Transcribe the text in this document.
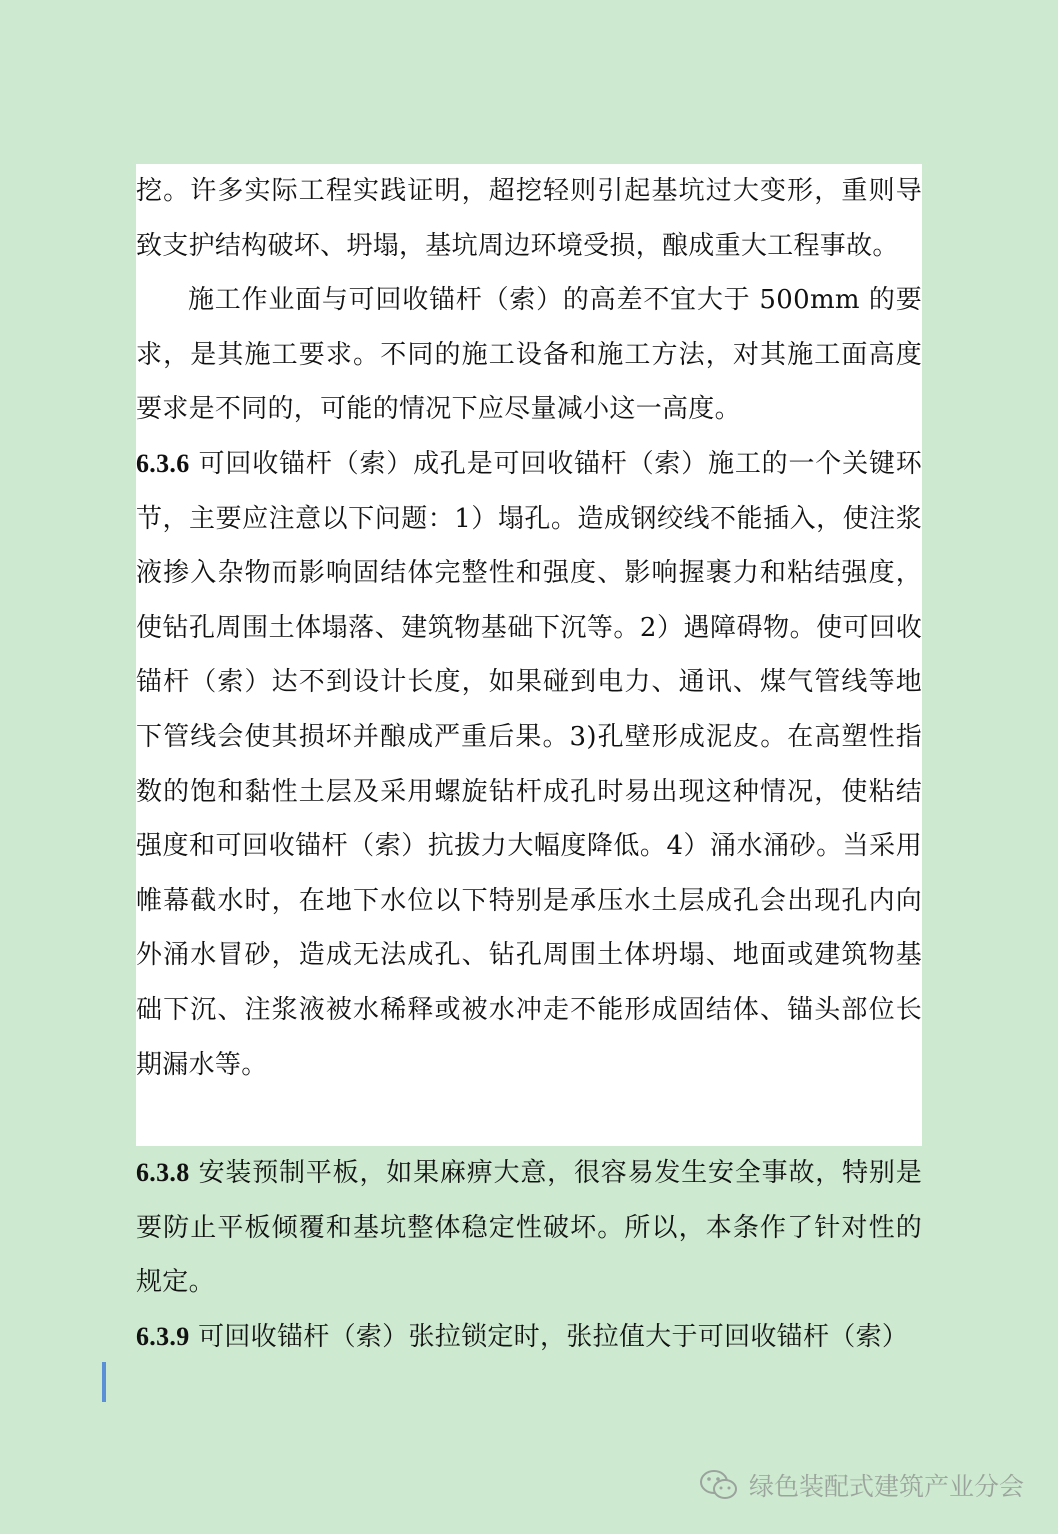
挖。许多实际工程实践证明，超挖轻则引起基坑过大变形，重则导致支护结构破坏、坍塌，基坑周边环境受损，酿成重大工程事故。

施工作业面与可回收锚杆（索）的高差不宜大于 500mm 的要求，是其施工要求。不同的施工设备和施工方法，对其施工面高度要求是不同的，可能的情况下应尽量减小这一高度。

6.3.6 可回收锚杆（索）成孔是可回收锚杆（索）施工的一个关键环节，主要应注意以下问题：1）塌孔。造成钢绞线不能插入，使注浆液掺入杂物而影响固结体完整性和强度、影响握裹力和粘结强度，使钻孔周围土体塌落、建筑物基础下沉等。2）遇障碍物。使可回收锚杆（索）达不到设计长度，如果碰到电力、通讯、煤气管线等地下管线会使其损坏并酿成严重后果。3)孔壁形成泥皮。在高塑性指数的饱和黏性土层及采用螺旋钻杆成孔时易出现这种情况，使粘结强度和可回收锚杆（索）抗拔力大幅度降低。4）涌水涌砂。当采用帷幕截水时，在地下水位以下特别是承压水土层成孔会出现孔内向外涌水冒砂，造成无法成孔、钻孔周围土体坍塌、地面或建筑物基础下沉、注浆液被水稀释或被水冲走不能形成固结体、锚头部位长期漏水等。

6.3.8 安装预制平板，如果麻痹大意，很容易发生安全事故，特别是要防止平板倾覆和基坑整体稳定性破坏。所以，本条作了针对性的规定。

6.3.9 可回收锚杆（索）张拉锁定时，张拉值大于可回收锚杆（索）

绿色装配式建筑产业分会
